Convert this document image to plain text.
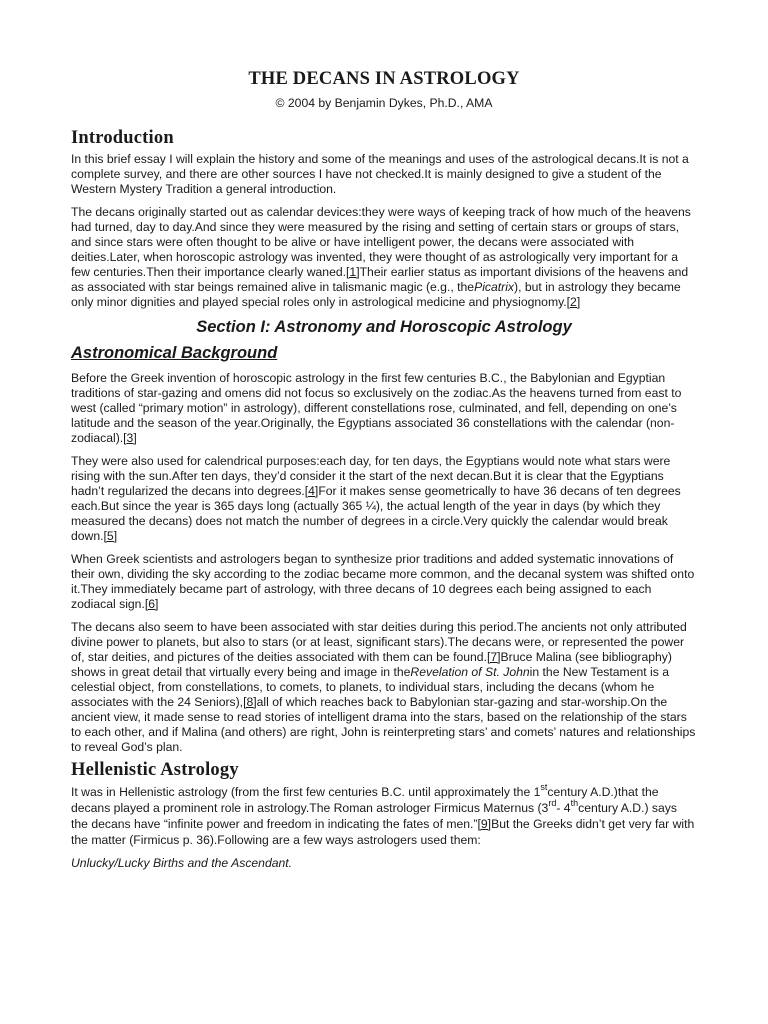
THE DECANS IN ASTROLOGY
© 2004 by Benjamin Dykes, Ph.D., AMA
Introduction

In this brief essay I will explain the history and some of the meanings and uses of the astrological decans.It is not a complete survey, and there are other sources I have not checked.It is mainly designed to give a student of the Western Mystery Tradition a general introduction.

The decans originally started out as calendar devices:they were ways of keeping track of how much of the heavens had turned, day to day.And since they were measured by the rising and setting of certain stars or groups of stars, and since stars were often thought to be alive or have intelligent power, the decans were associated with deities.Later, when horoscopic astrology was invented, they were thought of as astrologically very important for a few centuries.Then their importance clearly waned.[1]Their earlier status as important divisions of the heavens and as associated with star beings remained alive in talismanic magic (e.g., thePicatrix), but in astrology they became only minor dignities and played special roles only in astrological medicine and physiognomy.[2]

Section I: Astronomy and Horoscopic Astrology
Astronomical Background

Before the Greek invention of horoscopic astrology in the first few centuries B.C., the Babylonian and Egyptian traditions of star-gazing and omens did not focus so exclusively on the zodiac.As the heavens turned from east to west (called “primary motion” in astrology), different constellations rose, culminated, and fell, depending on one’s latitude and the season of the year.Originally, the Egyptians associated 36 constellations with the calendar (non-zodiacal).[3]

They were also used for calendrical purposes:each day, for ten days, the Egyptians would note what stars were rising with the sun.After ten days, they’d consider it the start of the next decan.But it is clear that the Egyptians hadn’t regularized the decans into degrees.[4]For it makes sense geometrically to have 36 decans of ten degrees each.But since the year is 365 days long (actually 365 ¼), the actual length of the year in days (by which they measured the decans) does not match the number of degrees in a circle.Very quickly the calendar would break down.[5]

When Greek scientists and astrologers began to synthesize prior traditions and added systematic innovations of their own, dividing the sky according to the zodiac became more common, and the decanal system was shifted onto it.They immediately became part of astrology, with three decans of 10 degrees each being assigned to each zodiacal sign.[6]

The decans also seem to have been associated with star deities during this period.The ancients not only attributed divine power to planets, but also to stars (or at least, significant stars).The decans were, or represented the power of, star deities, and pictures of the deities associated with them can be found.[7]Bruce Malina (see bibliography) shows in great detail that virtually every being and image in theRevelation of St. Johnin the New Testament is a celestial object, from constellations, to comets, to planets, to individual stars, including the decans (whom he associates with the 24 Seniors),[8]all of which reaches back to Babylonian star-gazing and star-worship.On the ancient view, it made sense to read stories of intelligent drama into the stars, based on the relationship of the stars to each other, and if Malina (and others) are right, John is reinterpreting stars’ and comets’ natures and relationships to reveal God’s plan.

Hellenistic Astrology

It was in Hellenistic astrology (from the first few centuries B.C. until approximately the 1stcentury A.D.)that the decans played a prominent role in astrology.The Roman astrologer Firmicus Maternus (3rd- 4thcentury A.D.) says the decans have “infinite power and freedom in indicating the fates of men.”[9]But the Greeks didn’t get very far with the matter (Firmicus p. 36).Following are a few ways astrologers used them:

Unlucky/Lucky Births and the Ascendant.
